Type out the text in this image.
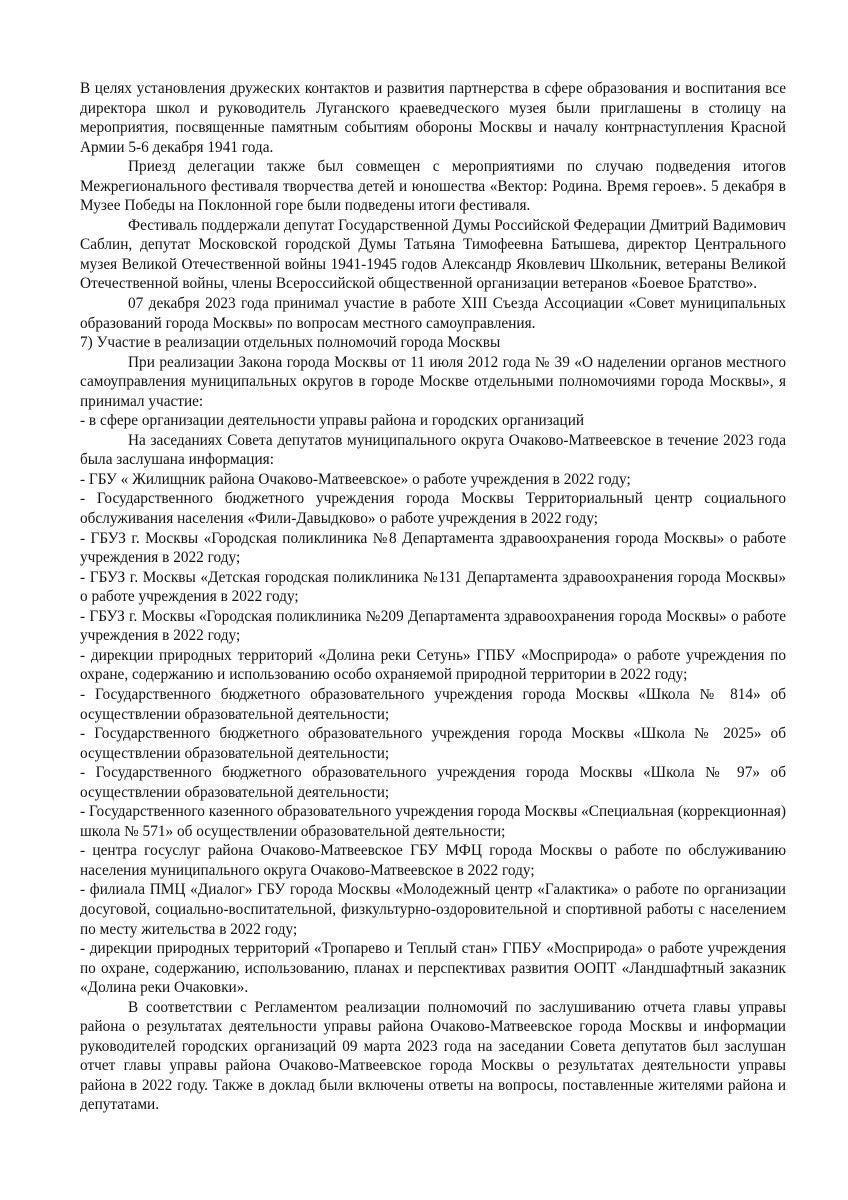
В целях установления дружеских контактов и развития партнерства в сфере образования и воспитания все директора школ и руководитель Луганского краеведческого музея были приглашены в столицу на мероприятия, посвященные памятным событиям обороны Москвы и началу контрнаступления Красной Армии 5-6 декабря 1941 года.

Приезд делегации также был совмещен с мероприятиями по случаю подведения итогов Межрегионального фестиваля творчества детей и юношества «Вектор: Родина. Время героев». 5 декабря в Музее Победы на Поклонной горе были подведены итоги фестиваля.

Фестиваль поддержали депутат Государственной Думы Российской Федерации Дмитрий Вадимович Саблин, депутат Московской городской Думы Татьяна Тимофеевна Батышева, директор Центрального музея Великой Отечественной войны 1941-1945 годов Александр Яковлевич Школьник, ветераны Великой Отечественной войны, члены Всероссийской общественной организации ветеранов «Боевое Братство».

07 декабря 2023 года принимал участие в работе XIII Съезда Ассоциации «Совет муниципальных образований города Москвы» по вопросам местного самоуправления.

7) Участие в реализации отдельных полномочий города Москвы

При реализации Закона города Москвы от 11 июля 2012 года № 39 «О наделении органов местного самоуправления муниципальных округов в городе Москве отдельными полномочиями города Москвы», я принимал участие:

- в сфере организации деятельности управы района и городских организаций

На заседаниях Совета депутатов муниципального округа Очаково-Матвеевское в течение 2023 года была заслушана информация:

- ГБУ « Жилищник района Очаково-Матвеевское» о работе учреждения в 2022 году;

- Государственного бюджетного учреждения города Москвы Территориальный центр социального обслуживания населения «Фили-Давыдково» о работе учреждения в 2022 году;

- ГБУЗ г. Москвы «Городская поликлиника №8 Департамента здравоохранения города Москвы» о работе учреждения в 2022 году;

- ГБУЗ г. Москвы «Детская городская поликлиника №131 Департамента здравоохранения города Москвы» о работе учреждения в 2022 году;

- ГБУЗ г. Москвы «Городская поликлиника №209 Департамента здравоохранения города Москвы» о работе учреждения в 2022 году;

- дирекции природных территорий «Долина реки Сетунь» ГПБУ «Мосприрода» о работе учреждения по охране, содержанию и использованию особо охраняемой природной территории в 2022 году;

- Государственного бюджетного образовательного учреждения города Москвы «Школа № 814» об осуществлении образовательной деятельности;

- Государственного бюджетного образовательного учреждения города Москвы «Школа № 2025» об осуществлении образовательной деятельности;

- Государственного бюджетного образовательного учреждения города Москвы «Школа № 97» об осуществлении образовательной деятельности;

- Государственного казенного образовательного учреждения города Москвы «Специальная (коррекционная) школа № 571» об осуществлении образовательной деятельности;

- центра госуслуг района Очаково-Матвеевское ГБУ МФЦ города Москвы о работе по обслуживанию населения муниципального округа Очаково-Матвеевское в 2022 году;

- филиала ПМЦ «Диалог» ГБУ города Москвы «Молодежный центр «Галактика» о работе по организации досуговой, социально-воспитательной, физкультурно-оздоровительной и спортивной работы с населением по месту жительства в 2022 году;

- дирекции природных территорий «Тропарево и Теплый стан» ГПБУ «Мосприрода» о работе учреждения по охране, содержанию, использованию, планах и перспективах развития ООПТ «Ландшафтный заказник «Долина реки Очаковки».

В соответствии с Регламентом реализации полномочий по заслушиванию отчета главы управы района о результатах деятельности управы района Очаково-Матвеевское города Москвы и информации руководителей городских организаций 09 марта 2023 года на заседании Совета депутатов был заслушан отчет главы управы района Очаково-Матвеевское города Москвы о результатах деятельности управы района в 2022 году. Также в доклад были включены ответы на вопросы, поставленные жителями района и депутатами.
